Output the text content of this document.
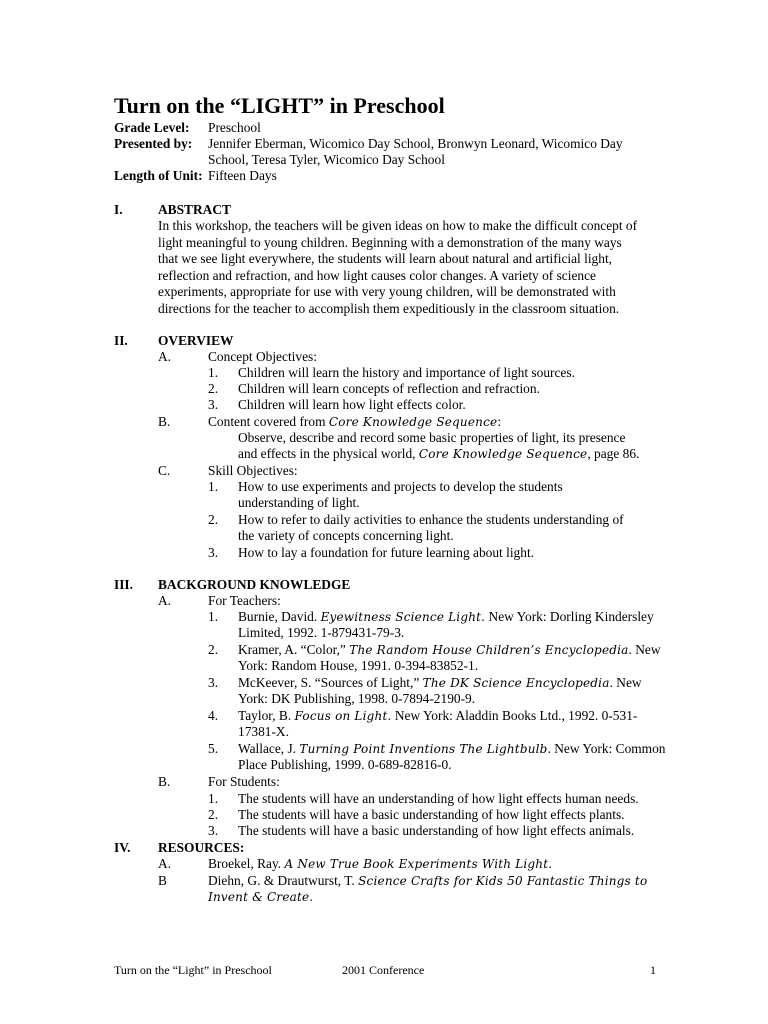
Turn on the “LIGHT” in Preschool
Grade Level: Preschool
Presented by: Jennifer Eberman, Wicomico Day School, Bronwyn Leonard, Wicomico Day
School, Teresa Tyler, Wicomico Day School
Length of Unit: Fifteen Days
I.	ABSTRACT
In this workshop, the teachers will be given ideas on how to make the difficult concept of
light meaningful to young children. Beginning with a demonstration of the many ways
that we see light everywhere, the students will learn about natural and artificial light,
reflection and refraction, and how light causes color changes. A variety of science
experiments, appropriate for use with very young children, will be demonstrated with
directions for the teacher to accomplish them expeditiously in the classroom situation.
II. OVERVIEW
A.	Concept Objectives:
1. Children will learn the history and importance of light sources.
2. Children will learn concepts of reflection and refraction.
3. Children will learn how light effects color.
B.	Content covered from Core Knowledge Sequence:
Observe, describe and record some basic properties of light, its presence
and effects in the physical world, Core Knowledge Sequence, page 86.
C.	Skill Objectives:
1. How to use experiments and projects to develop the students
understanding of light.
2. How to refer to daily activities to enhance the students understanding of
the variety of concepts concerning light.
3. How to lay a foundation for future learning about light.
III. BACKGROUND KNOWLEDGE
A.	For Teachers:
1. Burnie, David. Eyewitness Science Light. New York: Dorling Kindersley
Limited, 1992. 1-879431-79-3.
2. Kramer, A. “Color,” The Random House Children’s Encyclopedia. New
York: Random House, 1991. 0-394-83852-1.
3. McKeever, S. “Sources of Light,” The DK Science Encyclopedia. New
York: DK Publishing, 1998. 0-7894-2190-9.
4. Taylor, B. Focus on Light. New York: Aladdin Books Ltd., 1992. 0-531-
17381-X.
5. Wallace, J. Turning Point Inventions The Lightbulb. New York: Common
Place Publishing, 1999. 0-689-82816-0.
B.	For Students:
1. The students will have an understanding of how light effects human needs.
2. The students will have a basic understanding of how light effects plants.
3. The students will have a basic understanding of how light effects animals.
IV. RESOURCES:
A.	Broekel, Ray. A New True Book Experiments With Light.
B	Diehn, G. & Drautwurst, T. Science Crafts for Kids 50 Fantastic Things to
Invent & Create.
Turn on the “Light” in Preschool	2001 Conference	1
